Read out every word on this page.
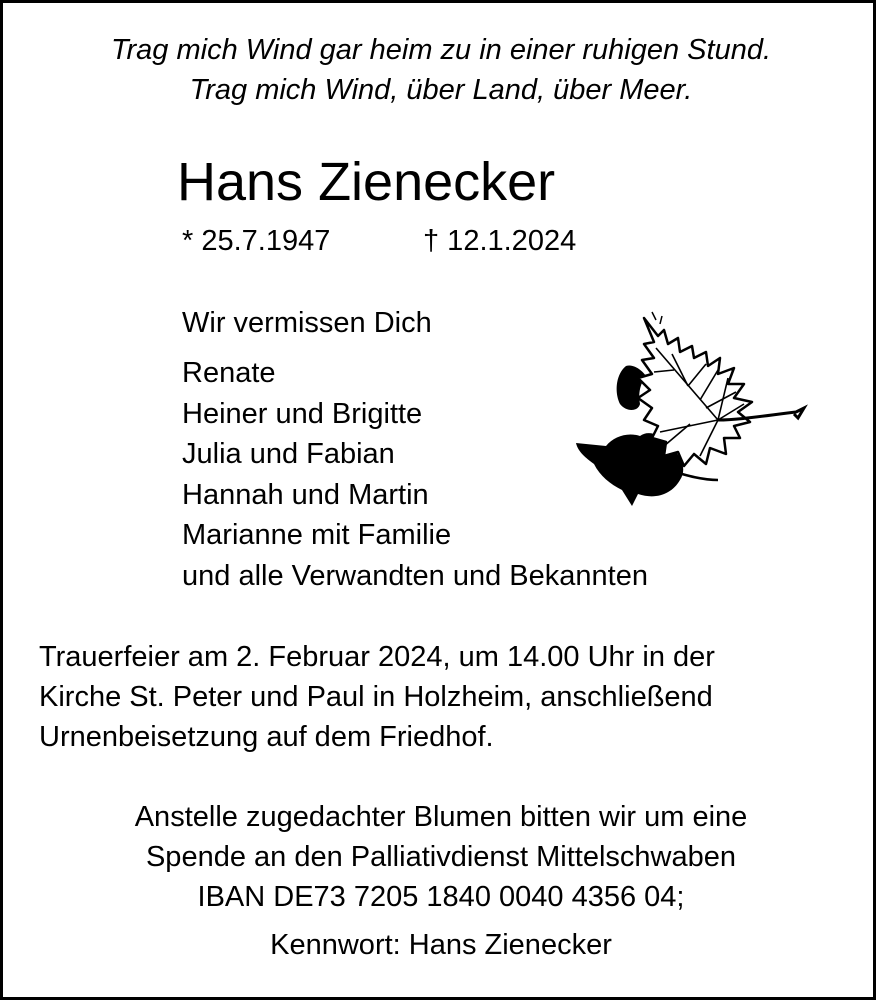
Trag mich Wind gar heim zu in einer ruhigen Stund.
Trag mich Wind, über Land, über Meer.
Hans Zienecker
* 25.7.1947	† 12.1.2024
Wir vermissen Dich
Renate
Heiner und Brigitte
Julia und Fabian
Hannah und Martin
Marianne mit Familie
und alle Verwandten und Bekannten
Trauerfeier am 2. Februar 2024, um 14.00 Uhr in der
Kirche St. Peter und Paul in Holzheim, anschließend
Urnenbeisetzung auf dem Friedhof.
Anstelle zugedachter Blumen bitten wir um eine
Spende an den Palliativdienst Mittelschwaben
IBAN DE73 7205 1840 0040 4356 04;
Kennwort: Hans Zienecker
